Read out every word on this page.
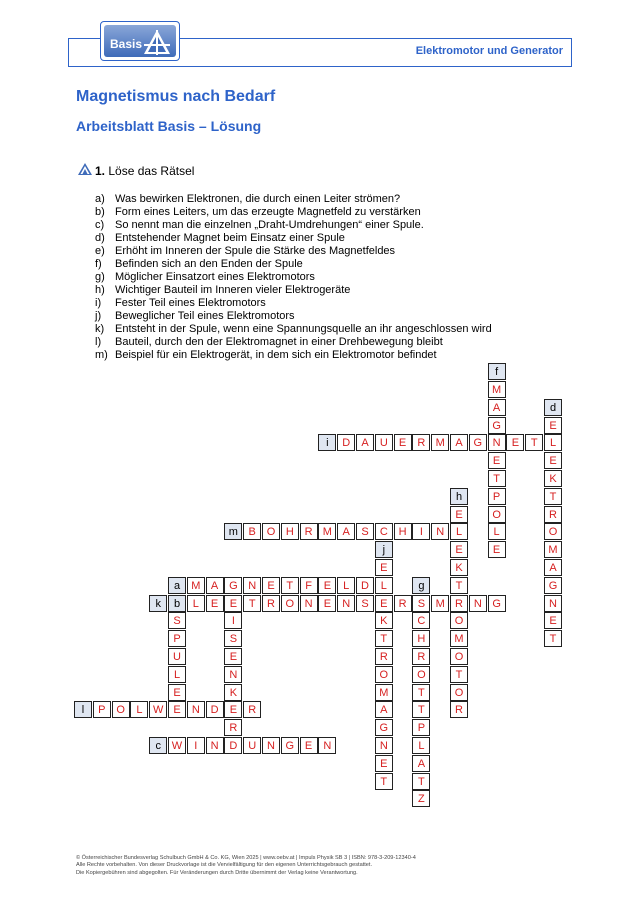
Basis	Elektromotor und Generator
Magnetismus nach Bedarf
Arbeitsblatt Basis – Lösung
1. Löse das Rätsel
a) Was bewirken Elektronen, die durch einen Leiter strömen?
b) Form eines Leiters, um das erzeugte Magnetfeld zu verstärken
c) So nennt man die einzelnen „Draht-Umdrehungen“ einer Spule.
d) Entstehender Magnet beim Einsatz einer Spule
e) Erhöht im Inneren der Spule die Stärke des Magnetfeldes
f) Befinden sich an den Enden der Spule
g) Möglicher Einsatzort eines Elektromotors
h) Wichtiger Bauteil im Inneren vieler Elektrogeräte
i) Fester Teil eines Elektromotors
j) Beweglicher Teil eines Elektromotors
k) Entsteht in der Spule, wenn eine Spannungsquelle an ihr angeschlossen wird
l) Bauteil, durch den der Elektromagnet in einer Drehbewegung bleibt
m) Beispiel für ein Elektrogerät, in dem sich ein Elektromotor befindet
a	M A G N	E	T	F	E	L	D
b
S
P
U
L
E
c W	I	N D U N G E	N
d
E
L
E
K
T
R
O
M
A
G
N
E
T
E
I
S
E
N
K
E
R
f
M
A
G
N
E
T
P
O
L
E
g
S
C
H
R
O
T
T
P
L
A
T
Z
h
E
L
E
K
T
R
O
M
O
T
O
R
i	D	A	U	E	R M A G	E	T
j
E
L
E
K
T
R
O
M
A
G
N
E
T
k	L	E	T	R O N	E	N	S	R	M	N G
l	P O	L W E	N D	R
m B O H R M A	S	C H	I	N
© Österreichischer Bundesverlag Schulbuch GmbH & Co. KG, Wien 2025 | www.oebv.at | Impuls Physik SB 3 | ISBN: 978-3-209-12340-4
Alle Rechte vorbehalten. Von dieser Druckvorlage ist die Vervielfältigung für den eigenen Unterrichtsgebrauch gestattet.
Die Kopiergebühren sind abgegolten. Für Veränderungen durch Dritte übernimmt der Verlag keine Verantwortung.
